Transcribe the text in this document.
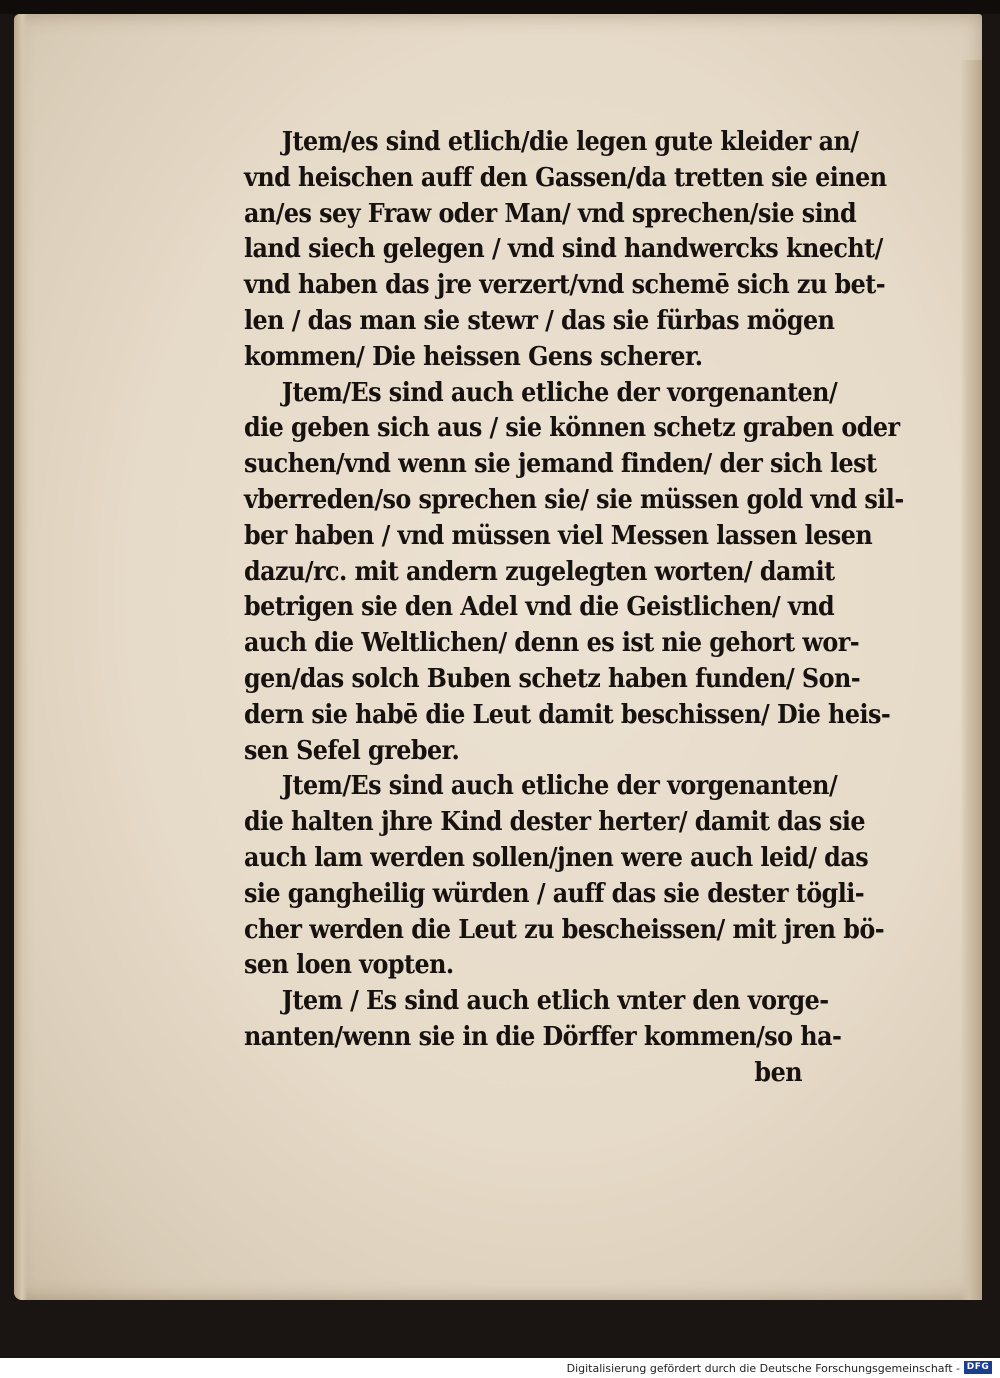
Jtem/es sind etlich/die legen gute kleider an/
vnd heischen auff den Gassen/da tretten sie einen
an/es sey Fraw oder Man/ vnd sprechen/sie sind
land siech gelegen / vnd sind handwercks knecht/
vnd haben das jre verzert/vnd schemē sich zu bet-
len / das man sie stewr / das sie fürbas mögen
kommen/ Die heissen Gens scherer.
Jtem/Es sind auch etliche der vorgenanten/
die geben sich aus / sie können schetz graben oder
suchen/vnd wenn sie jemand finden/ der sich lest
vberreden/so sprechen sie/ sie müssen gold vnd sil-
ber haben / vnd müssen viel Messen lassen lesen
dazu/rc. mit andern zugelegten worten/ damit
betrigen sie den Adel vnd die Geistlichen/ vnd
auch die Weltlichen/ denn es ist nie gehort wor-
gen/das solch Buben schetz haben funden/ Son-
dern sie habē die Leut damit beschissen/ Die heis-
sen Sefel greber.
Jtem/Es sind auch etliche der vorgenanten/
die halten jhre Kind dester herter/ damit das sie
auch lam werden sollen/jnen were auch leid/ das
sie gangheilig würden / auff das sie dester tögli-
cher werden die Leut zu bescheissen/ mit jren bö-
sen loen vopten.
Jtem / Es sind auch etlich vnter den vorge-
nanten/wenn sie in die Dörffer kommen/so ha-
ben
Digitalisierung gefördert durch die Deutsche Forschungsgemeinschaft - DFG
